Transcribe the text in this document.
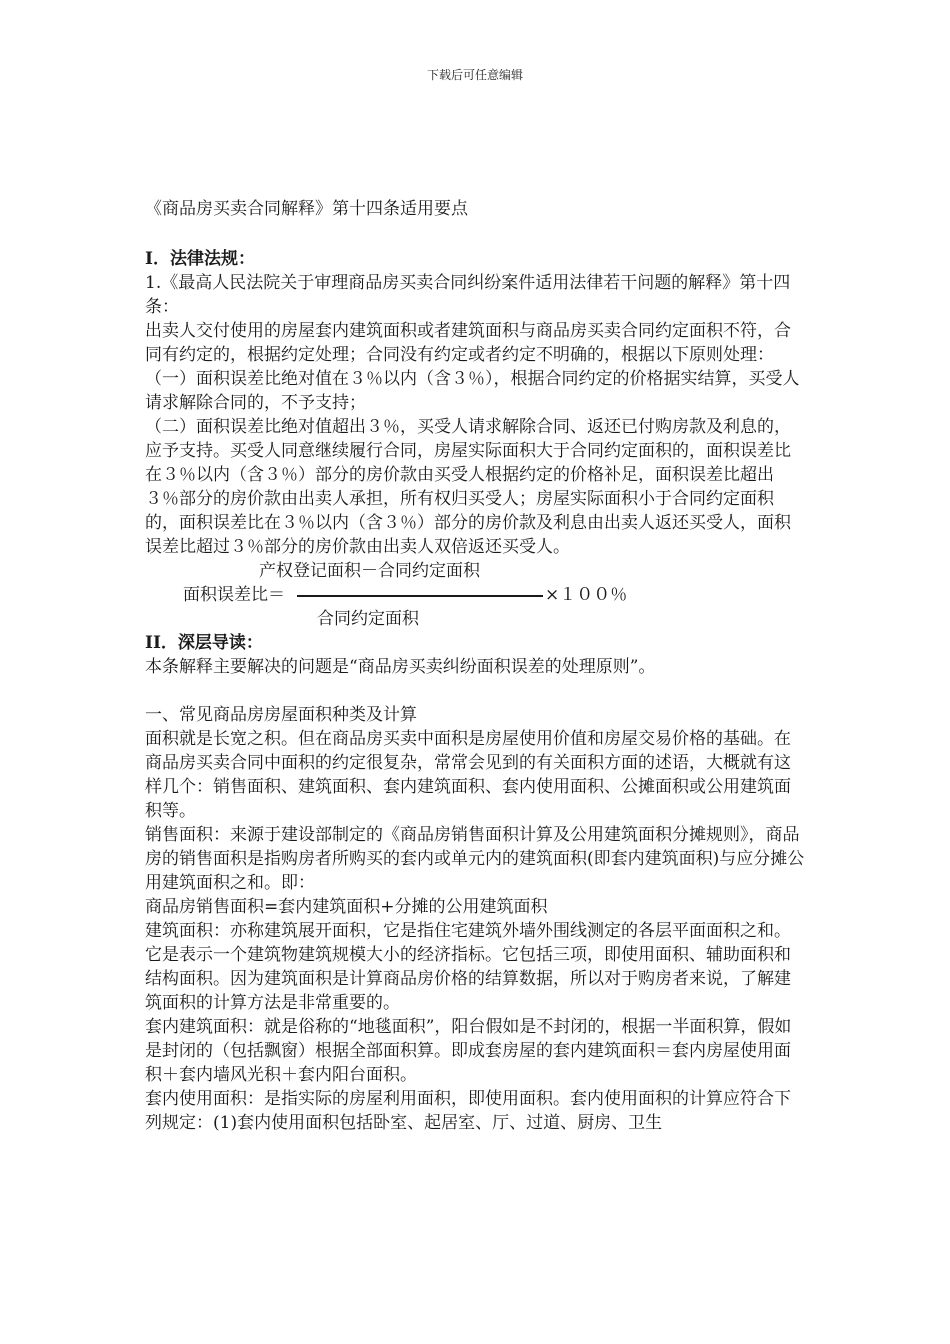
下载后可任意编辑

《商品房买卖合同解释》第十四条适用要点

I．法律法规：

1.《最高人民法院关于审理商品房买卖合同纠纷案件适用法律若干问题的解释》第十四条：

出卖人交付使用的房屋套内建筑面积或者建筑面积与商品房买卖合同约定面积不符，合同有约定的，根据约定处理；合同没有约定或者约定不明确的，根据以下原则处理：

（一）面积误差比绝对值在３％以内（含３％），根据合同约定的价格据实结算，买受人请求解除合同的，不予支持；

（二）面积误差比绝对值超出３％，买受人请求解除合同、返还已付购房款及利息的，应予支持。买受人同意继续履行合同，房屋实际面积大于合同约定面积的，面积误差比在３％以内（含３％）部分的房价款由买受人根据约定的价格补足，面积误差比超出３％部分的房价款由出卖人承担，所有权归买受人；房屋实际面积小于合同约定面积的，面积误差比在３％以内（含３％）部分的房价款及利息由出卖人返还买受人，面积误差比超过３％部分的房价款由出卖人双倍返还买受人。

产权登记面积－合同约定面积
面积误差比＝	×１００％
合同约定面积

II．深层导读：

本条解释主要解决的问题是“商品房买卖纠纷面积误差的处理原则”。

一、常见商品房房屋面积种类及计算

面积就是长宽之积。但在商品房买卖中面积是房屋使用价值和房屋交易价格的基础。在商品房买卖合同中面积的约定很复杂，常常会见到的有关面积方面的述语，大概就有这样几个：销售面积、建筑面积、套内建筑面积、套内使用面积、公摊面积或公用建筑面积等。

销售面积：来源于建设部制定的《商品房销售面积计算及公用建筑面积分摊规则》，商品房的销售面积是指购房者所购买的套内或单元内的建筑面积(即套内建筑面积)与应分摊公用建筑面积之和。即：

商品房销售面积=套内建筑面积+分摊的公用建筑面积

建筑面积：亦称建筑展开面积，它是指住宅建筑外墙外围线测定的各层平面面积之和。它是表示一个建筑物建筑规模大小的经济指标。它包括三项，即使用面积、辅助面积和结构面积。因为建筑面积是计算商品房价格的结算数据，所以对于购房者来说，了解建筑面积的计算方法是非常重要的。

套内建筑面积：就是俗称的“地毯面积”，阳台假如是不封闭的，根据一半面积算，假如是封闭的（包括飘窗）根据全部面积算。即成套房屋的套内建筑面积＝套内房屋使用面积＋套内墙风光积＋套内阳台面积。

套内使用面积：是指实际的房屋利用面积，即使用面积。套内使用面积的计算应符合下列规定：(1)套内使用面积包括卧室、起居室、厅、过道、厨房、卫生
